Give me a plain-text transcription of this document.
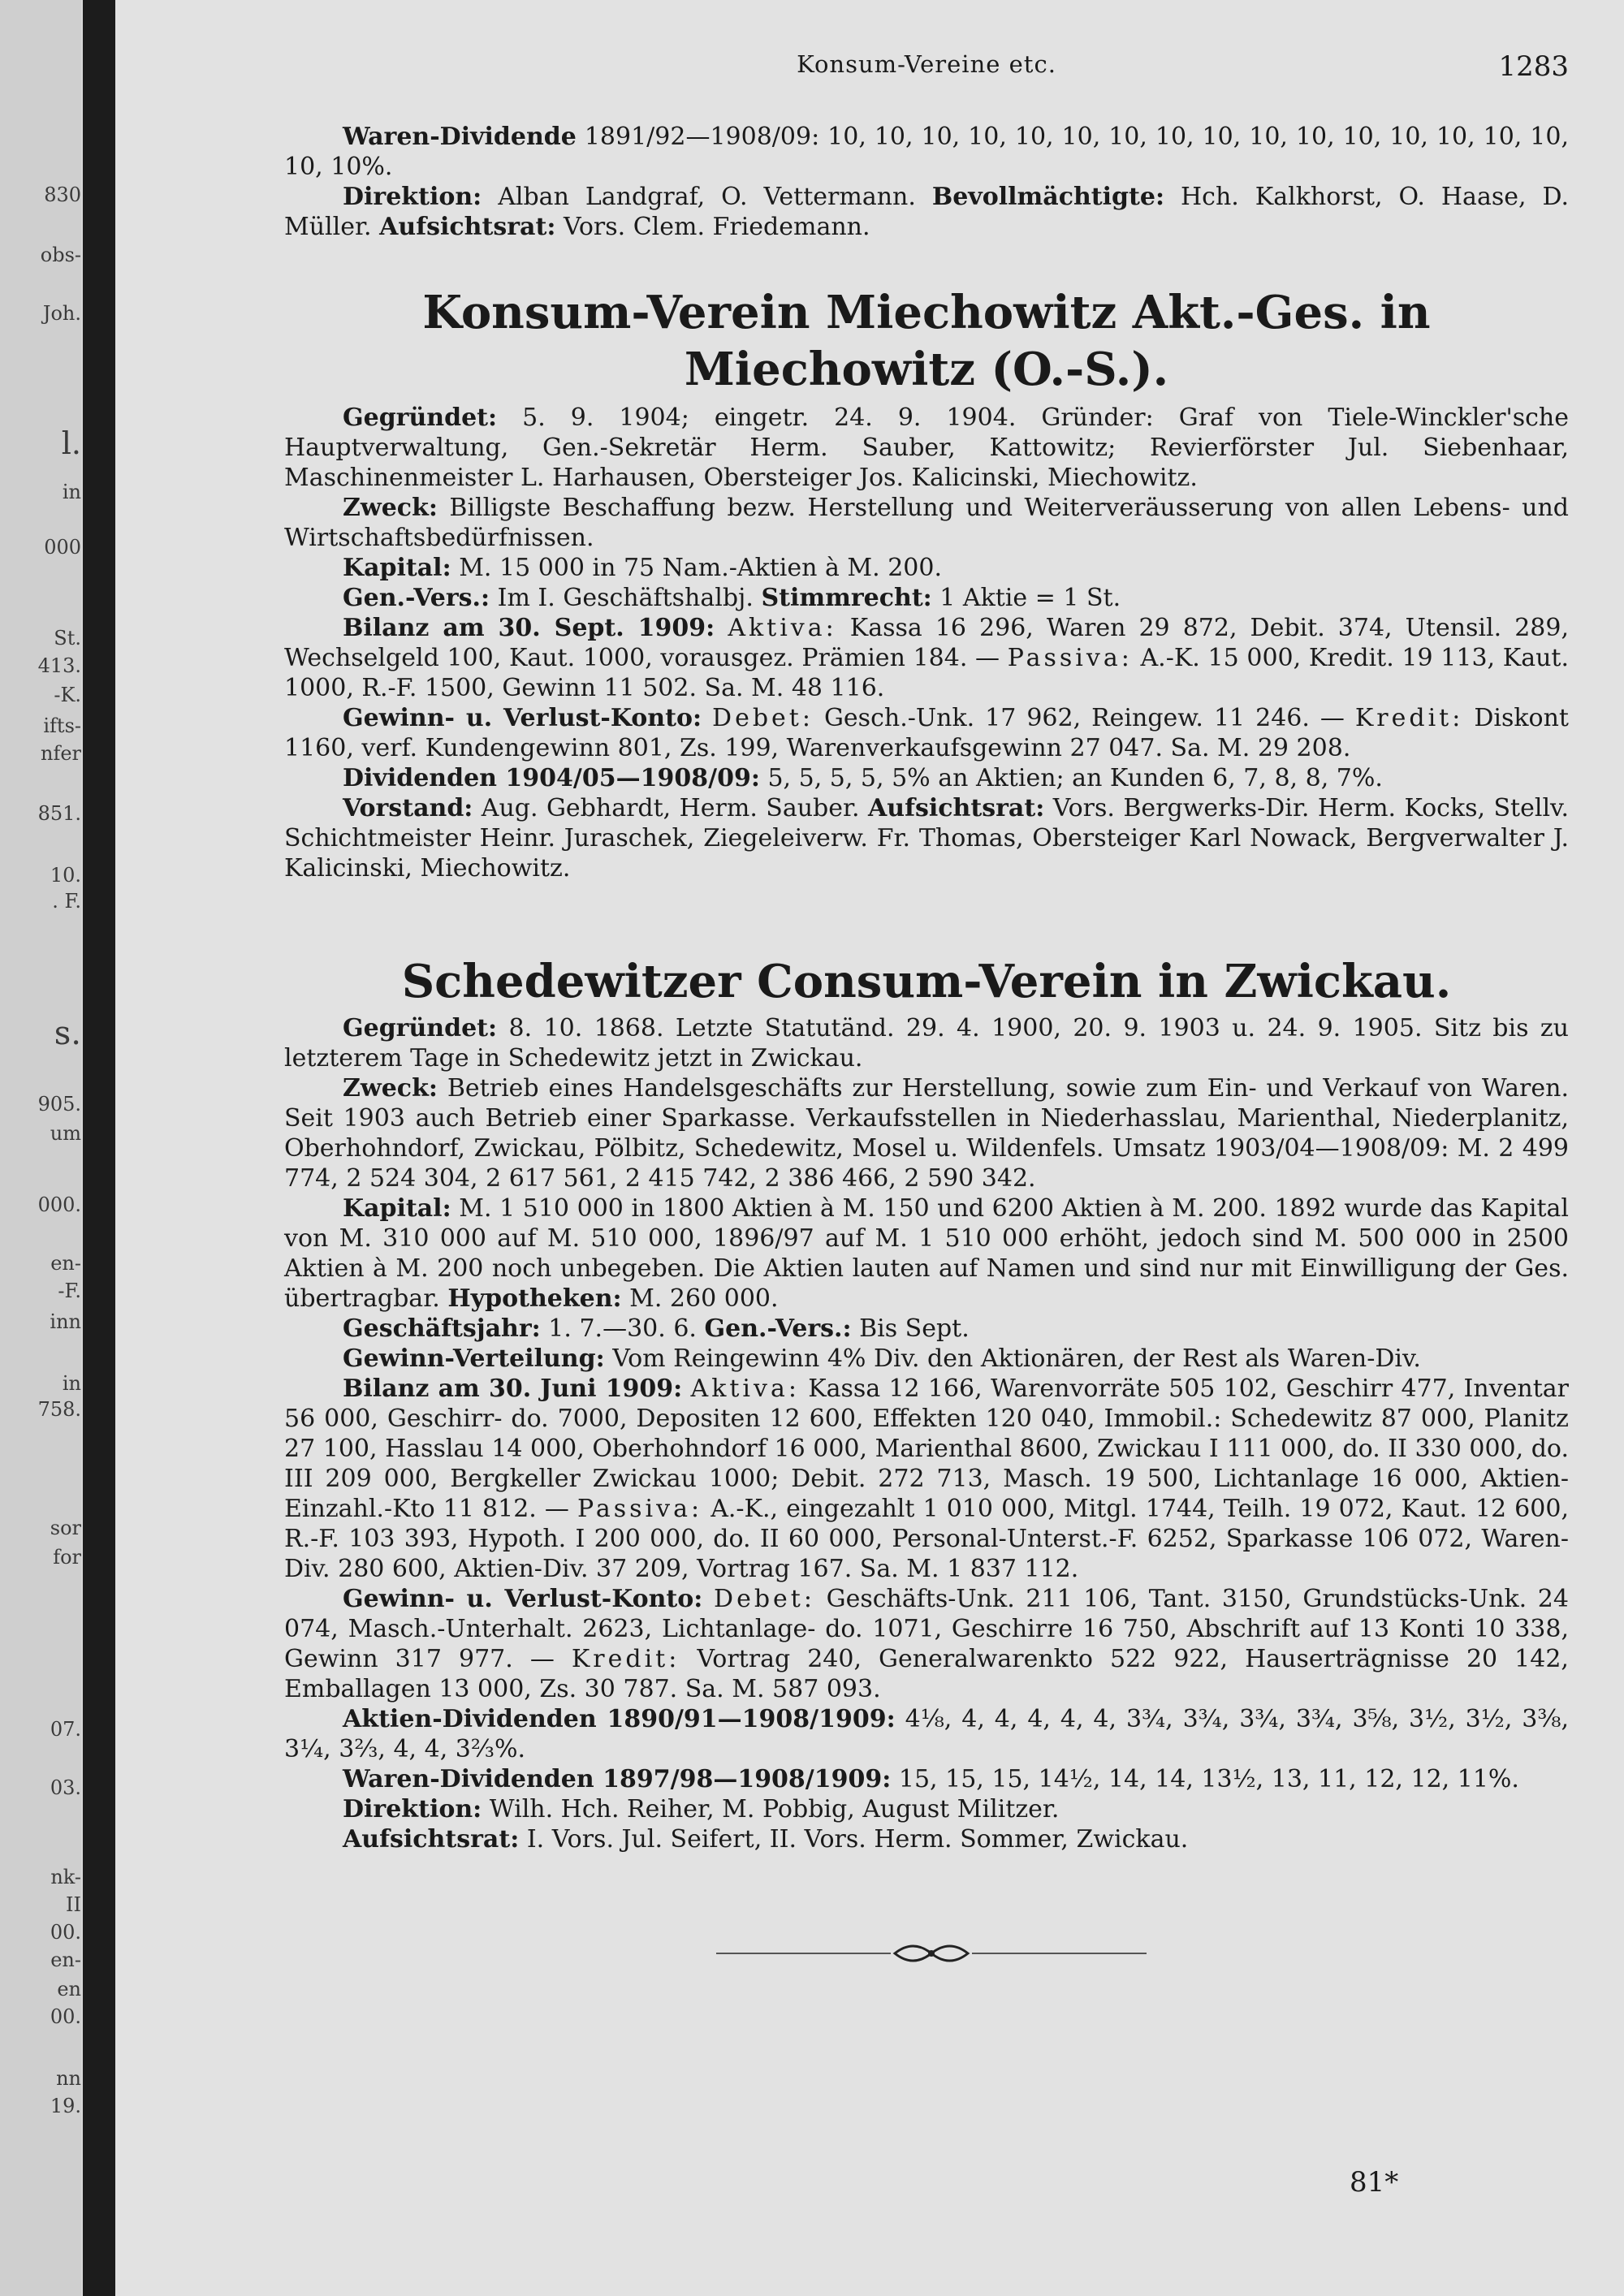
830
obs-
Joh.
l.
in
000
St.
413.
-K.
ifts-
nfer
851.
10.
. F.
s.
905.
um
000.
en-
-F.
inn
in
758.
sor
for
07.
03.
nk-
II
00.
en-
en
00.
nn
19.
Konsum-Vereine etc.	1283

Waren-Dividende 1891/92—1908/09: 10, 10, 10, 10, 10, 10, 10, 10, 10, 10, 10, 10, 10, 10, 10, 10, 10, 10%.

Direktion: Alban Landgraf, O. Vettermann. Bevollmächtigte: Hch. Kalkhorst, O. Haase, D. Müller. Aufsichtsrat: Vors. Clem. Friedemann.

Konsum-Verein Miechowitz Akt.-Ges. in Miechowitz (O.-S.).

Gegründet: 5. 9. 1904; eingetr. 24. 9. 1904. Gründer: Graf von Tiele-Winckler'sche Hauptverwaltung, Gen.-Sekretär Herm. Sauber, Kattowitz; Revierförster Jul. Siebenhaar, Maschinenmeister L. Harhausen, Obersteiger Jos. Kalicinski, Miechowitz.

Zweck: Billigste Beschaffung bezw. Herstellung und Weiterveräusserung von allen Lebens- und Wirtschaftsbedürfnissen.

Kapital: M. 15 000 in 75 Nam.-Aktien à M. 200.

Gen.-Vers.: Im I. Geschäftshalbj. Stimmrecht: 1 Aktie = 1 St.

Bilanz am 30. Sept. 1909: Aktiva: Kassa 16 296, Waren 29 872, Debit. 374, Utensil. 289, Wechselgeld 100, Kaut. 1000, vorausgez. Prämien 184. — Passiva: A.-K. 15 000, Kredit. 19 113, Kaut. 1000, R.-F. 1500, Gewinn 11 502. Sa. M. 48 116.

Gewinn- u. Verlust-Konto: Debet: Gesch.-Unk. 17 962, Reingew. 11 246. — Kredit: Diskont 1160, verf. Kundengewinn 801, Zs. 199, Warenverkaufsgewinn 27 047. Sa. M. 29 208.

Dividenden 1904/05—1908/09: 5, 5, 5, 5, 5% an Aktien; an Kunden 6, 7, 8, 8, 7%.

Vorstand: Aug. Gebhardt, Herm. Sauber. Aufsichtsrat: Vors. Bergwerks-Dir. Herm. Kocks, Stellv. Schichtmeister Heinr. Juraschek, Ziegeleiverw. Fr. Thomas, Obersteiger Karl Nowack, Bergverwalter J. Kalicinski, Miechowitz.

Schedewitzer Consum-Verein in Zwickau.

Gegründet: 8. 10. 1868. Letzte Statutänd. 29. 4. 1900, 20. 9. 1903 u. 24. 9. 1905. Sitz bis zu letzterem Tage in Schedewitz jetzt in Zwickau.

Zweck: Betrieb eines Handelsgeschäfts zur Herstellung, sowie zum Ein- und Verkauf von Waren. Seit 1903 auch Betrieb einer Sparkasse. Verkaufsstellen in Niederhasslau, Marienthal, Niederplanitz, Oberhohndorf, Zwickau, Pölbitz, Schedewitz, Mosel u. Wildenfels. Umsatz 1903/04—1908/09: M. 2 499 774, 2 524 304, 2 617 561, 2 415 742, 2 386 466, 2 590 342.

Kapital: M. 1 510 000 in 1800 Aktien à M. 150 und 6200 Aktien à M. 200. 1892 wurde das Kapital von M. 310 000 auf M. 510 000, 1896/97 auf M. 1 510 000 erhöht, jedoch sind M. 500 000 in 2500 Aktien à M. 200 noch unbegeben. Die Aktien lauten auf Namen und sind nur mit Einwilligung der Ges. übertragbar. Hypotheken: M. 260 000.

Geschäftsjahr: 1. 7.—30. 6. Gen.-Vers.: Bis Sept.

Gewinn-Verteilung: Vom Reingewinn 4% Div. den Aktionären, der Rest als Waren-Div.

Bilanz am 30. Juni 1909: Aktiva: Kassa 12 166, Warenvorräte 505 102, Geschirr 477, Inventar 56 000, Geschirr- do. 7000, Depositen 12 600, Effekten 120 040, Immobil.: Schedewitz 87 000, Planitz 27 100, Hasslau 14 000, Oberhohndorf 16 000, Marienthal 8600, Zwickau I 111 000, do. II 330 000, do. III 209 000, Bergkeller Zwickau 1000; Debit. 272 713, Masch. 19 500, Lichtanlage 16 000, Aktien-Einzahl.-Kto 11 812. — Passiva: A.-K., eingezahlt 1 010 000, Mitgl. 1744, Teilh. 19 072, Kaut. 12 600, R.-F. 103 393, Hypoth. I 200 000, do. II 60 000, Personal-Unterst.-F. 6252, Sparkasse 106 072, Waren-Div. 280 600, Aktien-Div. 37 209, Vortrag 167. Sa. M. 1 837 112.

Gewinn- u. Verlust-Konto: Debet: Geschäfts-Unk. 211 106, Tant. 3150, Grundstücks-Unk. 24 074, Masch.-Unterhalt. 2623, Lichtanlage- do. 1071, Geschirre 16 750, Abschrift auf 13 Konti 10 338, Gewinn 317 977. — Kredit: Vortrag 240, Generalwarenkto 522 922, Hauserträgnisse 20 142, Emballagen 13 000, Zs. 30 787. Sa. M. 587 093.

Aktien-Dividenden 1890/91—1908/1909: 4⅛, 4, 4, 4, 4, 4, 3¾, 3¾, 3¾, 3¾, 3⅝, 3½, 3½, 3⅜, 3¼, 3⅔, 4, 4, 3⅔%.

Waren-Dividenden 1897/98—1908/1909: 15, 15, 15, 14½, 14, 14, 13½, 13, 11, 12, 12, 11%.

Direktion: Wilh. Hch. Reiher, M. Pobbig, August Militzer.

Aufsichtsrat: I. Vors. Jul. Seifert, II. Vors. Herm. Sommer, Zwickau.

81*
